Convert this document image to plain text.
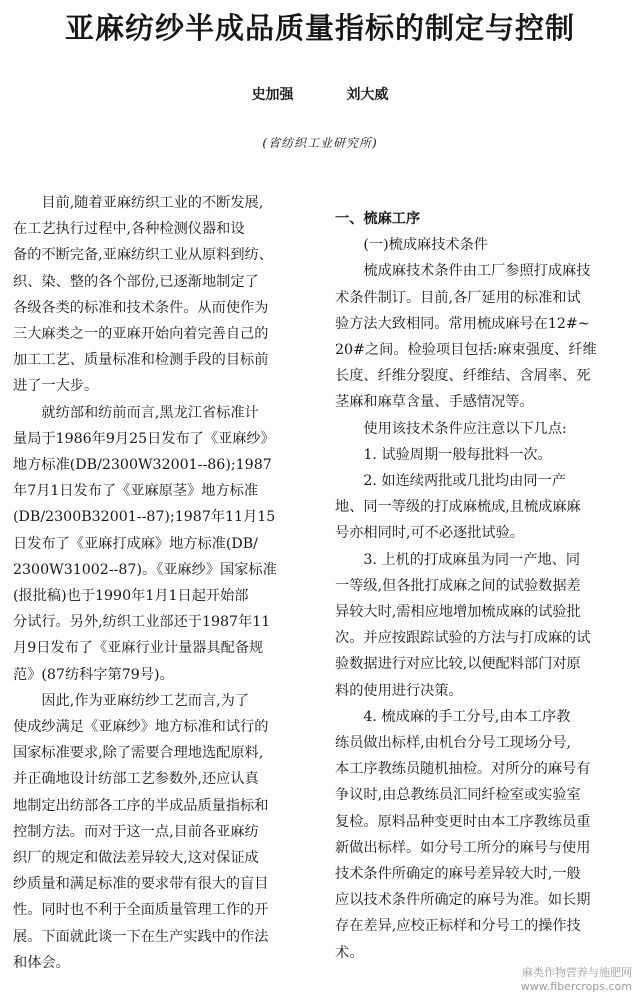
亚麻纺纱半成品质量指标的制定与控制
史加强	刘大威
(省纺织工业研究所)
目前,随着亚麻纺织工业的不断发展,
在工艺执行过程中,各种检测仪器和设
备的不断完备,亚麻纺织工业从原料到纺、
织、染、整的各个部份,已逐渐地制定了
各级各类的标准和技术条件。从而使作为
三大麻类之一的亚麻开始向着完善自己的
加工工艺、质量标准和检测手段的目标前
进了一大步。
就纺部和纺前而言,黑龙江省标准计
量局于1986年9月25日发布了《亚麻纱》
地方标准(DB/2300W32001--86);1987
年7月1日发布了《亚麻原茎》地方标准
(DB/2300B32001--87);1987年11月15
日发布了《亚麻打成麻》地方标准(DB/
2300W31002--87)。《亚麻纱》国家标准
(报批稿)也于1990年1月1日起开始部
分试行。另外,纺织工业部还于1987年11
月9日发布了《亚麻行业计量器具配备规
范》(87纺科字第79号)。
因此,作为亚麻纺纱工艺而言,为了
使成纱满足《亚麻纱》地方标准和试行的
国家标准要求,除了需要合理地选配原料,
并正确地设计纺部工艺参数外,还应认真
地制定出纺部各工序的半成品质量指标和
控制方法。而对于这一点,目前各亚麻纺
织厂的规定和做法差异较大,这对保证成
纱质量和满足标准的要求带有很大的盲目
性。同时也不利于全面质量管理工作的开
展。下面就此谈一下在生产实践中的作法
和体会。
一、梳麻工序
(一)梳成麻技术条件
梳成麻技术条件由工厂参照打成麻技
术条件制订。目前,各厂延用的标准和试
验方法大致相同。常用梳成麻号在12#~
20#之间。检验项目包括:麻束强度、纤维
长度、纤维分裂度、纤维结、含屑率、死
茎麻和麻草含量、手感情况等。
使用该技术条件应注意以下几点:
1. 试验周期一般每批料一次。
2. 如连续两批或几批均由同一产
地、同一等级的打成麻梳成,且梳成麻麻
号亦相同时,可不必逐批试验。
3. 上机的打成麻虽为同一产地、同
一等级,但各批打成麻之间的试验数据差
异较大时,需相应地增加梳成麻的试验批
次。并应按跟踪试验的方法与打成麻的试
验数据进行对应比较,以便配料部门对原
料的使用进行决策。
4. 梳成麻的手工分号,由本工序教
练员做出标样,由机台分号工现场分号,
本工序教练员随机抽检。对所分的麻号有
争议时,由总教练员汇同纤检室或实验室
复检。原料品种变更时由本工序教练员重
新做出标样。如分号工所分的麻号与使用
技术条件所确定的麻号差异较大时,一般
应以技术条件所确定的麻号为准。如长期
存在差异,应校正标样和分号工的操作技
术。
麻类作物营养与施肥网
www.fibercrops.com
